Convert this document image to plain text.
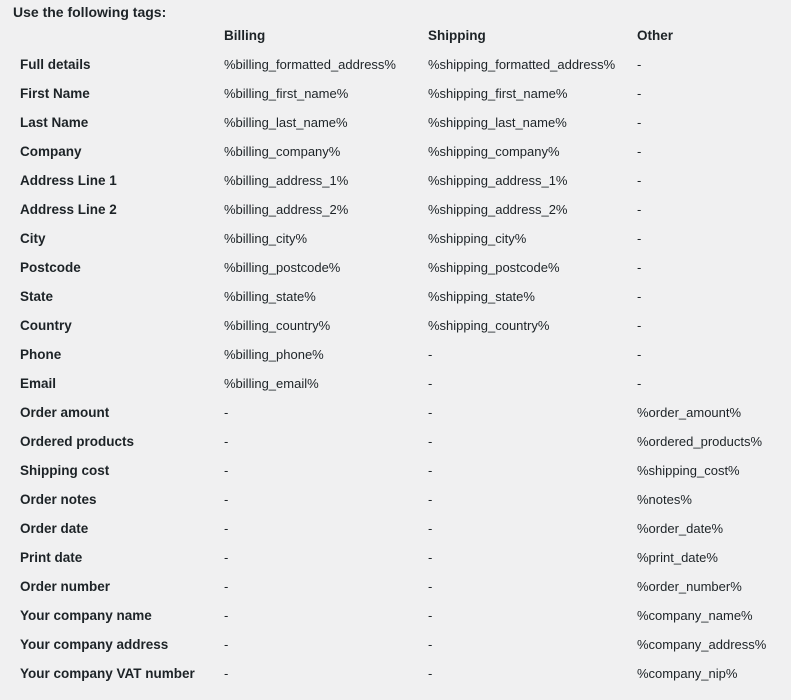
Use the following tags:
	Billing	Shipping	Other
Full details	%billing_formatted_address%	%shipping_formatted_address%	-
First Name	%billing_first_name%	%shipping_first_name%	-
Last Name	%billing_last_name%	%shipping_last_name%	-
Company	%billing_company%	%shipping_company%	-
Address Line 1	%billing_address_1%	%shipping_address_1%	-
Address Line 2	%billing_address_2%	%shipping_address_2%	-
City	%billing_city%	%shipping_city%	-
Postcode	%billing_postcode%	%shipping_postcode%	-
State	%billing_state%	%shipping_state%	-
Country	%billing_country%	%shipping_country%	-
Phone	%billing_phone%	-	-
Email	%billing_email%	-	-
Order amount	-	-	%order_amount%
Ordered products	-	-	%ordered_products%
Shipping cost	-	-	%shipping_cost%
Order notes	-	-	%notes%
Order date	-	-	%order_date%
Print date	-	-	%print_date%
Order number	-	-	%order_number%
Your company name	-	-	%company_name%
Your company address	-	-	%company_address%
Your company VAT number	-	-	%company_nip%
